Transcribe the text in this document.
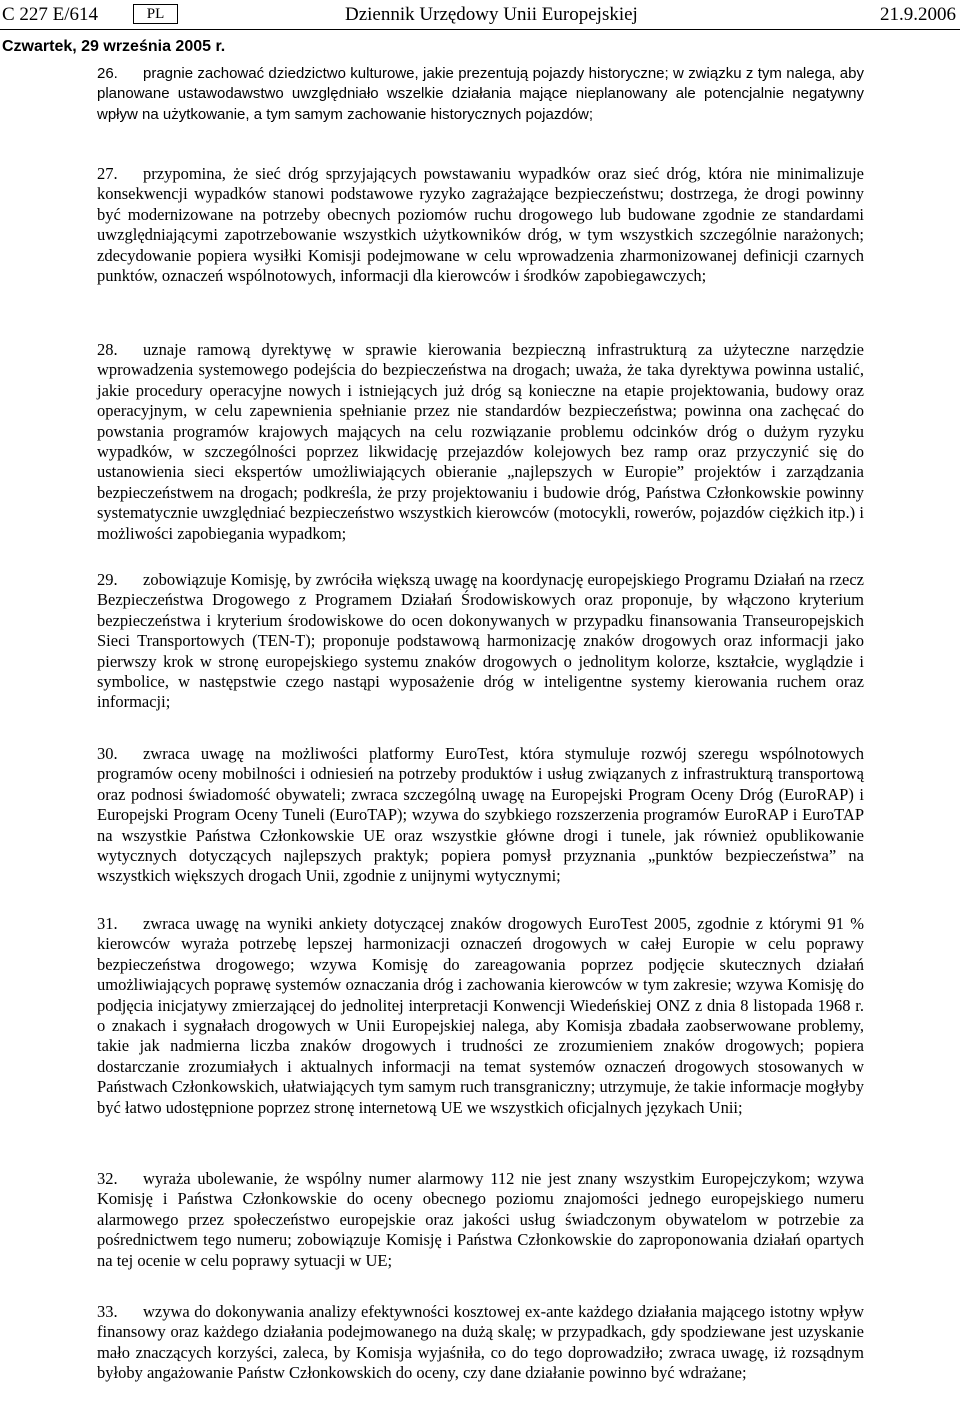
C 227 E/614	PL	Dziennik Urzędowy Unii Europejskiej	21.9.2006
Czwartek, 29 września 2005 r.
26. pragnie zachować dziedzictwo kulturowe, jakie prezentują pojazdy historyczne; w związku z tym nalega, aby planowane ustawodawstwo uwzględniało wszelkie działania mające nieplanowany ale potencjalnie negatywny wpływ na użytkowanie, a tym samym zachowanie historycznych pojazdów;
27. przypomina, że sieć dróg sprzyjających powstawaniu wypadków oraz sieć dróg, która nie minimalizuje konsekwencji wypadków stanowi podstawowe ryzyko zagrażające bezpieczeństwu; dostrzega, że drogi powinny być modernizowane na potrzeby obecnych poziomów ruchu drogowego lub budowane zgodnie ze standardami uwzględniającymi zapotrzebowanie wszystkich użytkowników dróg, w tym wszystkich szczególnie narażonych; zdecydowanie popiera wysiłki Komisji podejmowane w celu wprowadzenia zharmonizowanej definicji czarnych punktów, oznaczeń wspólnotowych, informacji dla kierowców i środków zapobiegawczych;
28. uznaje ramową dyrektywę w sprawie kierowania bezpieczną infrastrukturą za użyteczne narzędzie wprowadzenia systemowego podejścia do bezpieczeństwa na drogach; uważa, że taka dyrektywa powinna ustalić, jakie procedury operacyjne nowych i istniejących już dróg są konieczne na etapie projektowania, budowy oraz operacyjnym, w celu zapewnienia spełnianie przez nie standardów bezpieczeństwa; powinna ona zachęcać do powstania programów krajowych mających na celu rozwiązanie problemu odcinków dróg o dużym ryzyku wypadków, w szczególności poprzez likwidację przejazdów kolejowych bez ramp oraz przyczynić się do ustanowienia sieci ekspertów umożliwiających obieranie „najlepszych w Europie” projektów i zarządzania bezpieczeństwem na drogach; podkreśla, że przy projektowaniu i budowie dróg, Państwa Członkowskie powinny systematycznie uwzględniać bezpieczeństwo wszystkich kierowców (motocykli, rowerów, pojazdów ciężkich itp.) i możliwości zapobiegania wypadkom;
29. zobowiązuje Komisję, by zwróciła większą uwagę na koordynację europejskiego Programu Działań na rzecz Bezpieczeństwa Drogowego z Programem Działań Środowiskowych oraz proponuje, by włączono kryterium bezpieczeństwa i kryterium środowiskowe do ocen dokonywanych w przypadku finansowania Transeuropejskich Sieci Transportowych (TEN-T); proponuje podstawową harmonizację znaków drogowych oraz informacji jako pierwszy krok w stronę europejskiego systemu znaków drogowych o jednolitym kolorze, kształcie, wyglądzie i symbolice, w następstwie czego nastąpi wyposażenie dróg w inteligentne systemy kierowania ruchem oraz informacji;
30. zwraca uwagę na możliwości platformy EuroTest, która stymuluje rozwój szeregu wspólnotowych programów oceny mobilności i odniesień na potrzeby produktów i usług związanych z infrastrukturą transportową oraz podnosi świadomość obywateli; zwraca szczególną uwagę na Europejski Program Oceny Dróg (EuroRAP) i Europejski Program Oceny Tuneli (EuroTAP); wzywa do szybkiego rozszerzenia programów EuroRAP i EuroTAP na wszystkie Państwa Członkowskie UE oraz wszystkie główne drogi i tunele, jak również opublikowanie wytycznych dotyczących najlepszych praktyk; popiera pomysł przyznania „punktów bezpieczeństwa” na wszystkich większych drogach Unii, zgodnie z unijnymi wytycznymi;
31. zwraca uwagę na wyniki ankiety dotyczącej znaków drogowych EuroTest 2005, zgodnie z którymi 91 % kierowców wyraża potrzebę lepszej harmonizacji oznaczeń drogowych w całej Europie w celu poprawy bezpieczeństwa drogowego; wzywa Komisję do zareagowania poprzez podjęcie skutecznych działań umożliwiających poprawę systemów oznaczania dróg i zachowania kierowców w tym zakresie; wzywa Komisję do podjęcia inicjatywy zmierzającej do jednolitej interpretacji Konwencji Wiedeńskiej ONZ z dnia 8 listopada 1968 r. o znakach i sygnałach drogowych w Unii Europejskiej nalega, aby Komisja zbadała zaobserwowane problemy, takie jak nadmierna liczba znaków drogowych i trudności ze zrozumieniem znaków drogowych; popiera dostarczanie zrozumiałych i aktualnych informacji na temat systemów oznaczeń drogowych stosowanych w Państwach Członkowskich, ułatwiających tym samym ruch transgraniczny; utrzymuje, że takie informacje mogłyby być łatwo udostępnione poprzez stronę internetową UE we wszystkich oficjalnych językach Unii;
32. wyraża ubolewanie, że wspólny numer alarmowy 112 nie jest znany wszystkim Europejczykom; wzywa Komisję i Państwa Członkowskie do oceny obecnego poziomu znajomości jednego europejskiego numeru alarmowego przez społeczeństwo europejskie oraz jakości usług świadczonym obywatelom w potrzebie za pośrednictwem tego numeru; zobowiązuje Komisję i Państwa Członkowskie do zaproponowania działań opartych na tej ocenie w celu poprawy sytuacji w UE;
33. wzywa do dokonywania analizy efektywności kosztowej ex-ante każdego działania mającego istotny wpływ finansowy oraz każdego działania podejmowanego na dużą skalę; w przypadkach, gdy spodziewane jest uzyskanie mało znaczących korzyści, zaleca, by Komisja wyjaśniła, co do tego doprowadziło; zwraca uwagę, iż rozsądnym byłoby angażowanie Państw Członkowskich do oceny, czy dane działanie powinno być wdrażane;
